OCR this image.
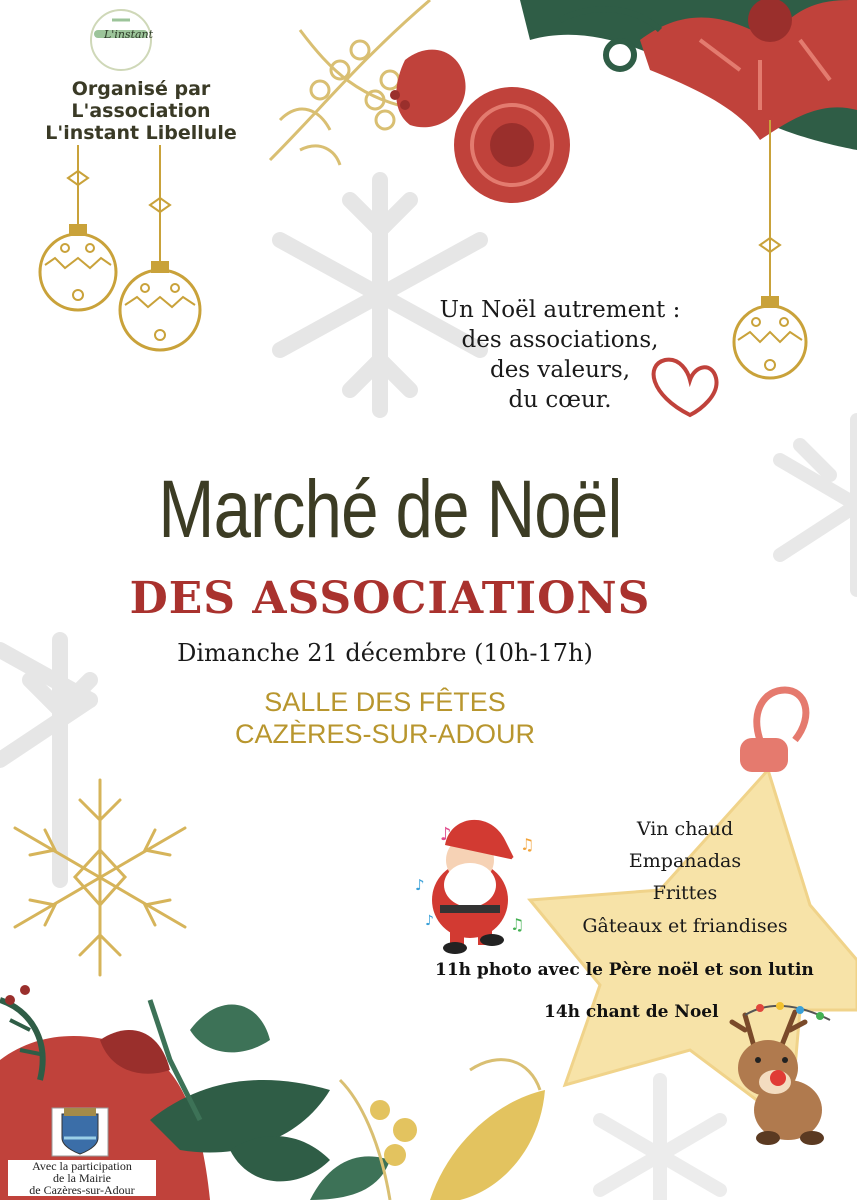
♪	♫
♪
♫
♪
L'instant
Organisé par
L'association
L'instant Libellule
Un Noël autrement :
des associations,
des valeurs,
du cœur.
Marché de Noël
DES ASSOCIATIONS
Dimanche 21 décembre (10h-17h)
SALLE DES FÊTES
CAZÈRES-SUR-ADOUR
Vin chaud
Empanadas
Frittes
Gâteaux et friandises
11h photo avec le Père noël et son lutin
14h chant de Noel
Avec la participation
de la Mairie
de Cazères-sur-Adour
